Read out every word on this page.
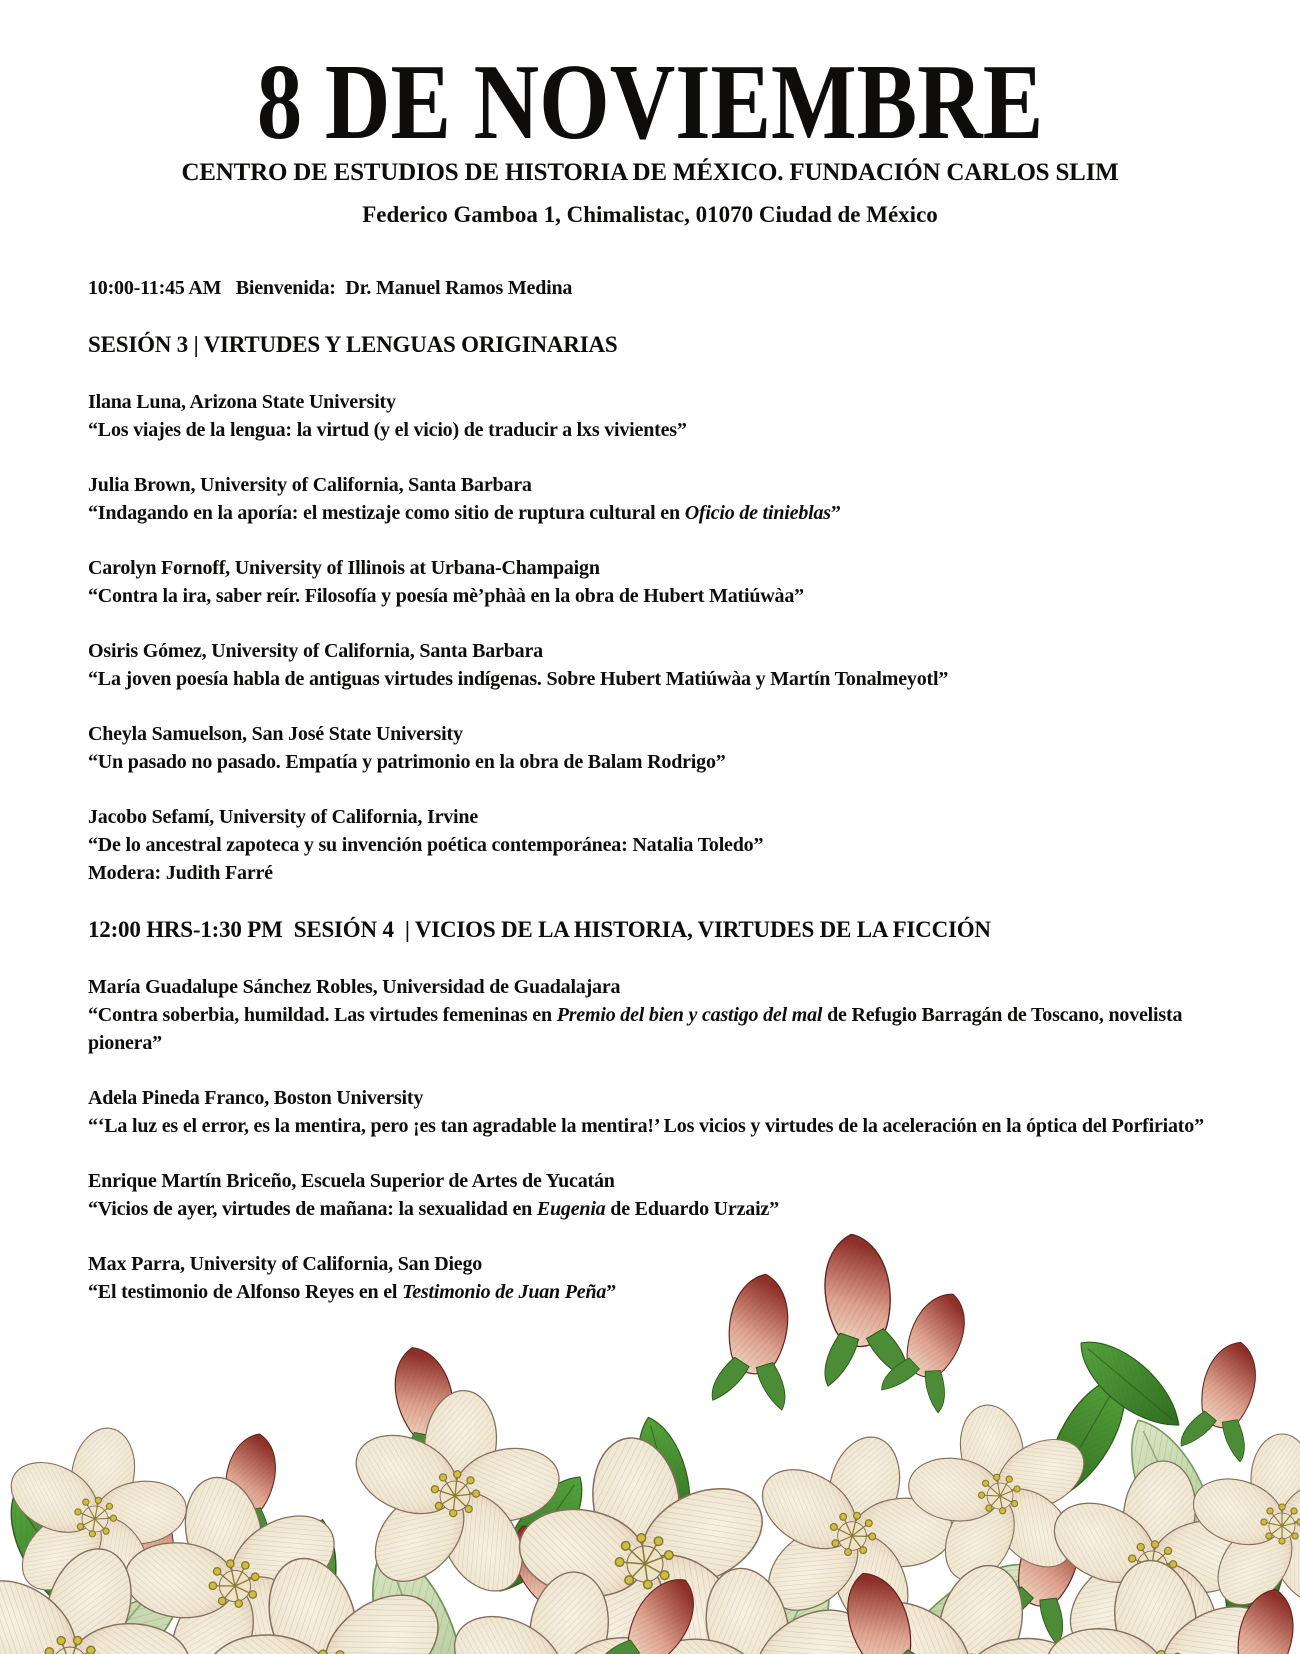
8 DE NOVIEMBRE
CENTRO DE ESTUDIOS DE HISTORIA DE MÉXICO. FUNDACIÓN CARLOS SLIM
Federico Gamboa 1, Chimalistac, 01070 Ciudad de México
10:00-11:45 AM   Bienvenida:  Dr. Manuel Ramos Medina
SESIÓN 3 | VIRTUDES Y LENGUAS ORIGINARIAS
Ilana Luna, Arizona State University
“Los viajes de la lengua: la virtud (y el vicio) de traducir a lxs vivientes”
Julia Brown, University of California, Santa Barbara
“Indagando en la aporía: el mestizaje como sitio de ruptura cultural en Oficio de tinieblas”
Carolyn Fornoff, University of Illinois at Urbana-Champaign
“Contra la ira, saber reír. Filosofía y poesía mè’phàà en la obra de Hubert Matiúwàa”
Osiris Gómez, University of California, Santa Barbara
“La joven poesía habla de antiguas virtudes indígenas. Sobre Hubert Matiúwàa y Martín Tonalmeyotl”
Cheyla Samuelson, San José State University
“Un pasado no pasado. Empatía y patrimonio en la obra de Balam Rodrigo”
Jacobo Sefamí, University of California, Irvine
“De lo ancestral zapoteca y su invención poética contemporánea: Natalia Toledo”
Modera: Judith Farré
12:00 HRS-1:30 PM  SESIÓN 4  | VICIOS DE LA HISTORIA, VIRTUDES DE LA FICCIÓN
María Guadalupe Sánchez Robles, Universidad de Guadalajara
“Contra soberbia, humildad. Las virtudes femeninas en Premio del bien y castigo del mal de Refugio Barragán de Toscano, novelista pionera”
Adela Pineda Franco, Boston University
“‘La luz es el error, es la mentira, pero ¡es tan agradable la mentira!’ Los vicios y virtudes de la aceleración en la óptica del Porfiriato”
Enrique Martín Briceño, Escuela Superior de Artes de Yucatán
“Vicios de ayer, virtudes de mañana: la sexualidad en Eugenia de Eduardo Urzaiz”
Max Parra, University of California, San Diego
“El testimonio de Alfonso Reyes en el Testimonio de Juan Peña”
